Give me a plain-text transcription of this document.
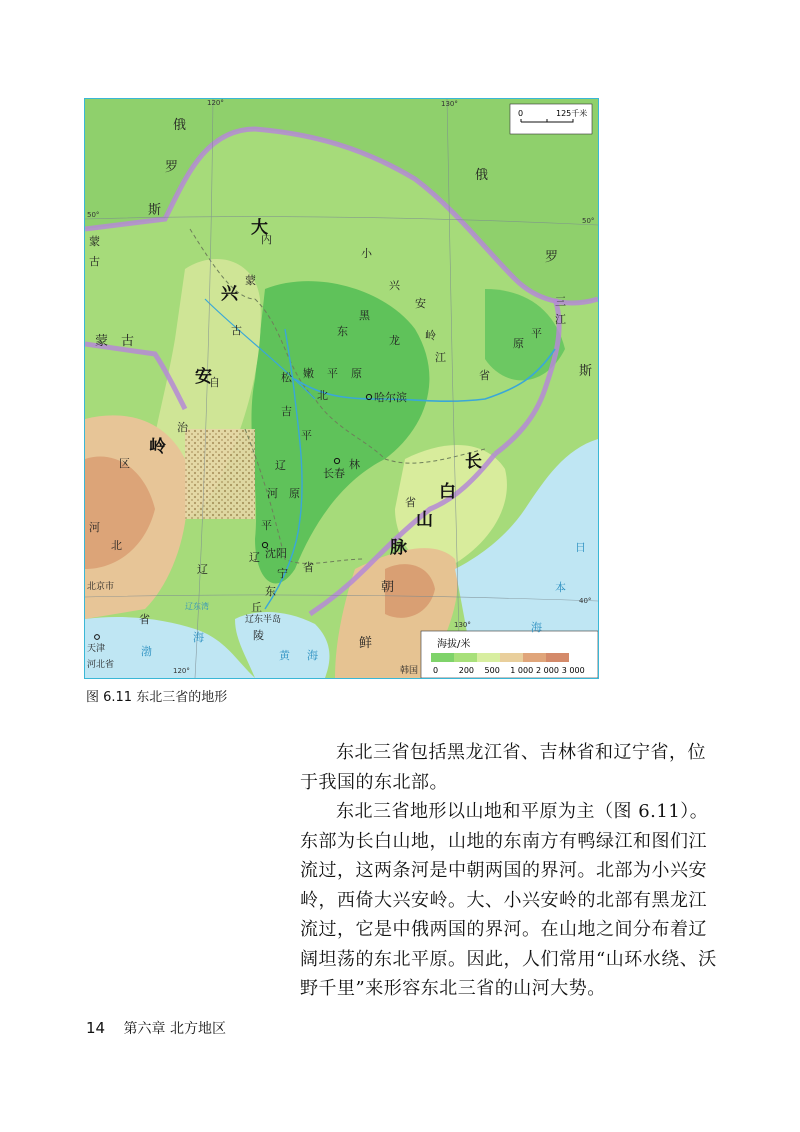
0	125千米
海拔/米
0	200 500 1 000 2 000 3 000
120°	130°
50°
50°
40°
130°
120°
俄
罗
斯
俄
罗
斯
蒙
古
蒙 古
大
兴
安
岭
长
白
山
脉
内
蒙
古
自
治
区
小
兴
安
岭
黑
龙
江
省
三
江
平
原
松 嫩 平 原
东
北	哈尔滨
吉
林
省
长春
辽
河 原
平
平
沈阳
辽
宁 省
辽
东
辽东半岛
丘
陵
朝
鲜
韩国
日
本
海
渤
海
黄 海
辽东湾
河
北
省
北京市
天津
河北省
图 6.11 东北三省的地形

东北三省包括黑龙江省、吉林省和辽宁省，位于我国的东北部。

东北三省地形以山地和平原为主（图 6.11）。东部为长白山地，山地的东南方有鸭绿江和图们江流过，这两条河是中朝两国的界河。北部为小兴安岭，西倚大兴安岭。大、小兴安岭的北部有黑龙江流过，它是中俄两国的界河。在山地之间分布着辽阔坦荡的东北平原。因此，人们常用“山环水绕、沃野千里”来形容东北三省的山河大势。

14 第六章 北方地区
